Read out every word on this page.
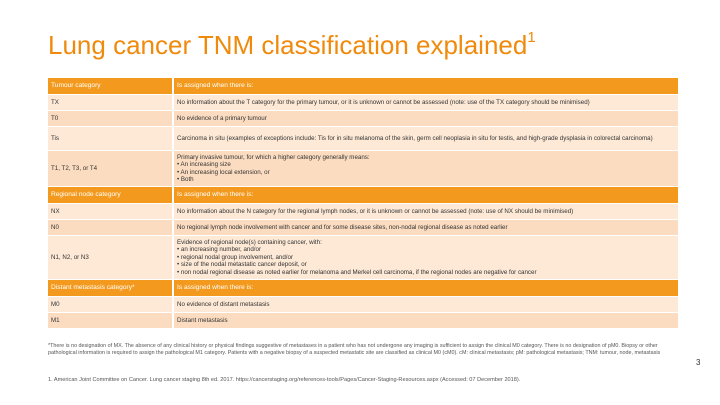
Lung cancer TNM classification explained$^1$
Tumour category	Is assigned when there is:
TX	No information about the T category for the primary tumour, or it is unknown or cannot be assessed (note: use of the TX category should be minimised)
T0	No evidence of a primary tumour
Tis	Carcinoma in situ (examples of exceptions include: Tis for in situ melanoma of the skin, germ cell neoplasia in situ for testis, and high-grade dysplasia in colorectal carcinoma)
T1, T2, T3, or T4	Primary invasive tumour, for which a higher category generally means:
• An increasing size
• An increasing local extension, or
• Both

Regional node category	Is assigned when there is:
NX	No information about the N category for the regional lymph nodes, or it is unknown or cannot be assessed (note: use of NX should be minimised)
N0	No regional lymph node involvement with cancer and for some disease sites, non-nodal regional disease as noted earlier
N1, N2, or N3	Evidence of regional node(s) containing cancer, with:
• an increasing number, and/or
• regional nodal group involvement, and/or
• size of the nodal metastatic cancer deposit, or
• non nodal regional disease as noted earlier for melanoma and Merkel cell carcinoma, if the regional nodes are negative for cancer

Distant metastasis category*	Is assigned when there is:
M0	No evidence of distant metastasis
M1	Distant metastasis
*There is no designation of MX. The absence of any clinical history or physical findings suggestive of metastases in a patient who has not undergone any imaging is sufficient to assign the clinical M0 category. There is no designation of pM0. Biopsy or other pathological information is required to assign the pathological M1 category. Patients with a negative biopsy of a suspected metastatic site are classified as clinical M0 (cM0). cM: clinical metastasis; pM: pathological metastasis; TNM: tumour, node, metastasis
1. American Joint Committee on Cancer. Lung cancer staging 8th ed. 2017. https://cancerstaging.org/references-tools/Pages/Cancer-Staging-Resources.aspx (Accessed: 07 December 2018).
3
